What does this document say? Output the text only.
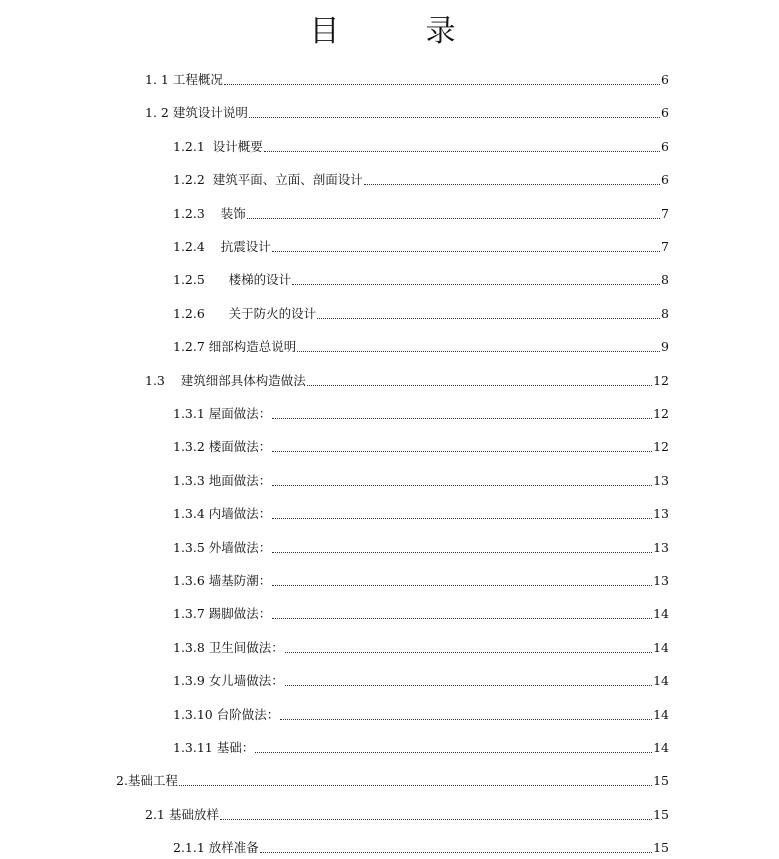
目　录
1. 1 工程概况	6
1. 2 建筑设计说明	6
1.2.1  设计概要	6
1.2.2  建筑平面、立面、剖面设计	6
1.2.3    装饰	7
1.2.4    抗震设计	7
1.2.5      楼梯的设计	8
1.2.6      关于防火的设计	8
1.2.7 细部构造总说明	9
1.3    建筑细部具体构造做法	12
1.3.1 屋面做法：	12
1.3.2 楼面做法：	12
1.3.3 地面做法：	13
1.3.4 内墙做法：	13
1.3.5 外墙做法：	13
1.3.6 墙基防潮：	13
1.3.7 踢脚做法：	14
1.3.8 卫生间做法：	14
1.3.9 女儿墙做法：	14
1.3.10 台阶做法：	14
1.3.11 基础：	14
2.基础工程	15
2.1 基础放样	15
2.1.1 放样准备	15
